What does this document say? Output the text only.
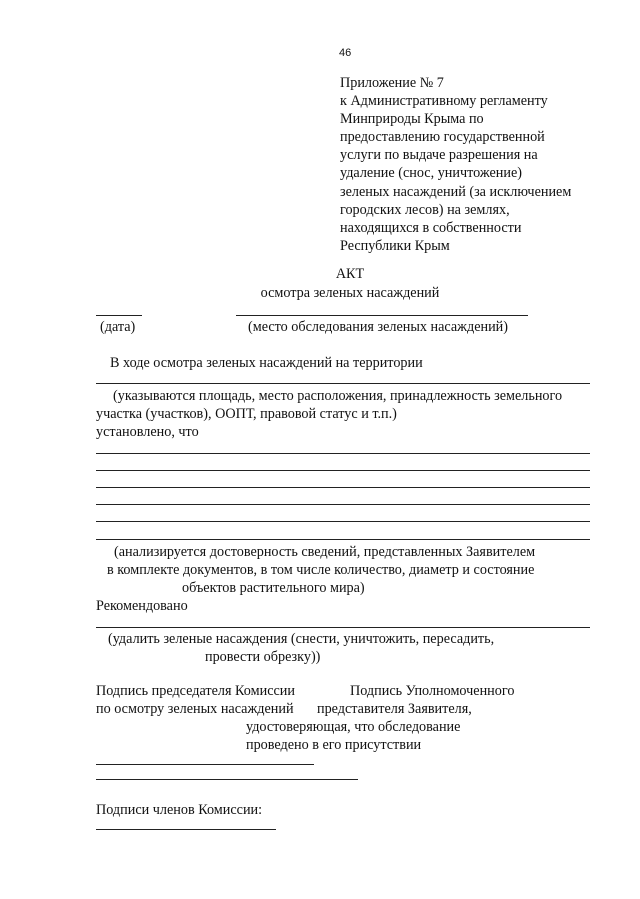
46
Приложение № 7
к Административному регламенту
Минприроды Крыма по
предоставлению государственной
услуги по выдаче разрешения на
удаление (снос, уничтожение)
зеленых насаждений (за исключением
городских лесов) на землях,
находящихся в собственности
Республики Крым
АКТ
осмотра зеленых насаждений
(дата)	(место обследования зеленых насаждений)
В ходе осмотра зеленых насаждений на территории
(указываются площадь, место расположения, принадлежность земельного
участка (участков), ООПТ, правовой статус и т.п.)
установлено, что
(анализируется достоверность сведений, представленных Заявителем
в комплекте документов, в том числе количество, диаметр и состояние
объектов растительного мира)
Рекомендовано
(удалить зеленые насаждения (снести, уничтожить, пересадить,
провести обрезку))
Подпись председателя Комиссии
по осмотру зеленых насаждений
Подпись Уполномоченного
представителя Заявителя,
удостоверяющая, что обследование
проведено в его присутствии
Подписи членов Комиссии:
